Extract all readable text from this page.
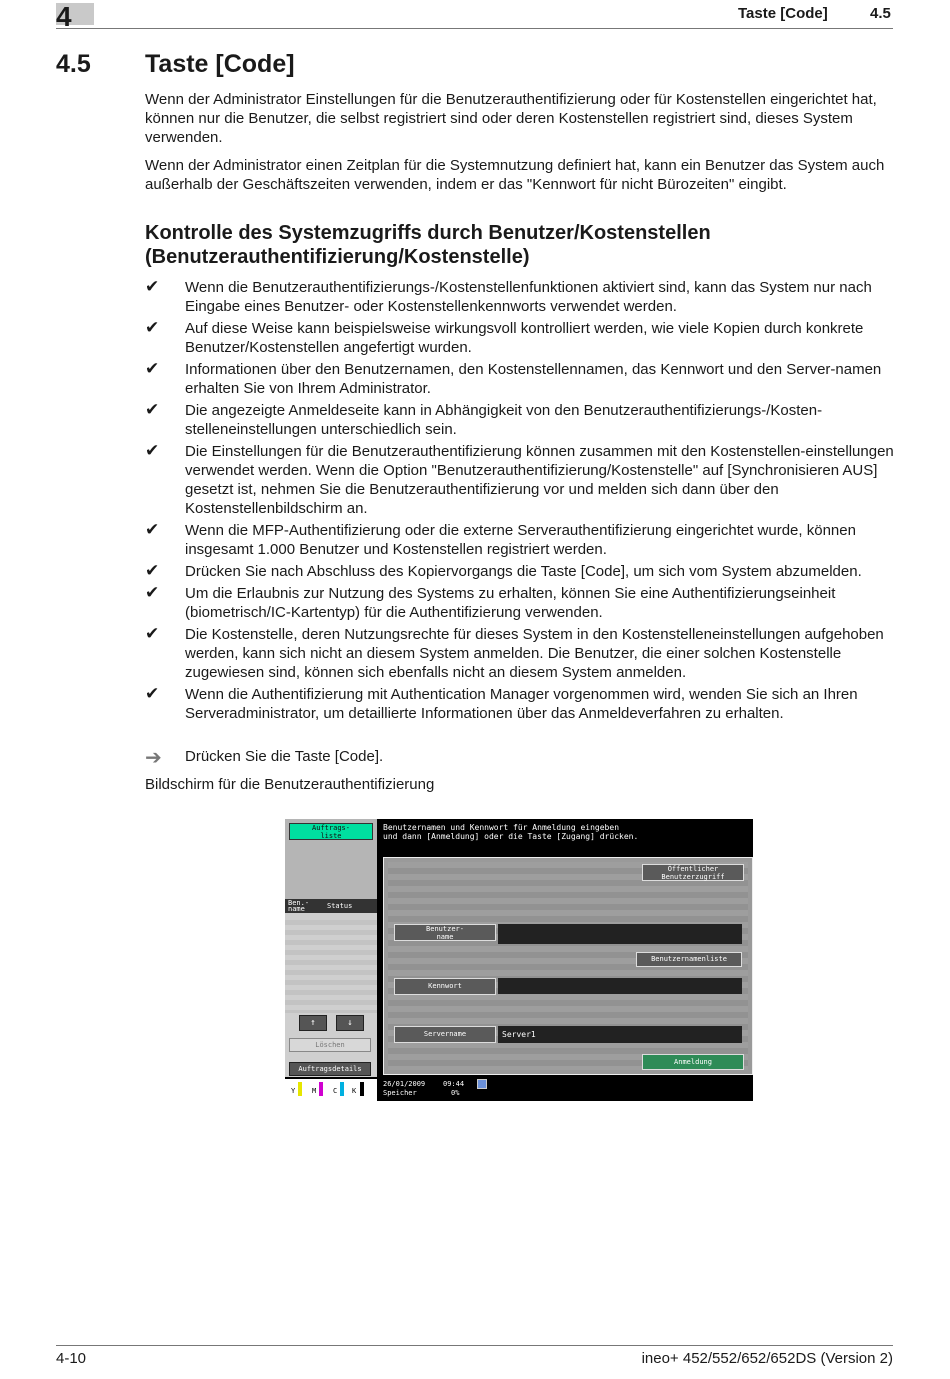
4	Taste [Code]	4.5
4.5 Taste [Code]

Wenn der Administrator Einstellungen für die Benutzerauthentifizierung oder für Kostenstellen eingerichtet hat, können nur die Benutzer, die selbst registriert sind oder deren Kostenstellen registriert sind, dieses System verwenden.

Wenn der Administrator einen Zeitplan für die Systemnutzung definiert hat, kann ein Benutzer das System auch außerhalb der Geschäftszeiten verwenden, indem er das "Kennwort für nicht Bürozeiten" eingibt.

Kontrolle des Systemzugriffs durch Benutzer/Kostenstellen (Benutzerauthentifizierung/Kostenstelle)
✔ Wenn die Benutzerauthentifizierungs-/Kostenstellenfunktionen aktiviert sind, kann das System nur nach Eingabe eines Benutzer- oder Kostenstellenkennworts verwendet werden.
✔ Auf diese Weise kann beispielsweise wirkungsvoll kontrolliert werden, wie viele Kopien durch konkrete Benutzer/Kostenstellen angefertigt wurden.
✔ Informationen über den Benutzernamen, den Kostenstellennamen, das Kennwort und den Server-namen erhalten Sie von Ihrem Administrator.
✔ Die angezeigte Anmeldeseite kann in Abhängigkeit von den Benutzerauthentifizierungs-/Kosten-stelleneinstellungen unterschiedlich sein.
✔ Die Einstellungen für die Benutzerauthentifizierung können zusammen mit den Kostenstellen-einstellungen verwendet werden. Wenn die Option "Benutzerauthentifizierung/Kostenstelle" auf [Synchronisieren AUS] gesetzt ist, nehmen Sie die Benutzerauthentifizierung vor und melden sich dann über den Kostenstellenbildschirm an.
✔ Wenn die MFP-Authentifizierung oder die externe Serverauthentifizierung eingerichtet wurde, können insgesamt 1.000 Benutzer und Kostenstellen registriert werden.
✔ Drücken Sie nach Abschluss des Kopiervorgangs die Taste [Code], um sich vom System abzumelden.
✔ Um die Erlaubnis zur Nutzung des Systems zu erhalten, können Sie eine Authentifizierungseinheit (biometrisch/IC-Kartentyp) für die Authentifizierung verwenden.
✔ Die Kostenstelle, deren Nutzungsrechte für dieses System in den Kostenstelleneinstellungen aufgehoben werden, kann sich nicht an diesem System anmelden. Die Benutzer, die einer solchen Kostenstelle zugewiesen sind, können sich ebenfalls nicht an diesem System anmelden.
✔ Wenn die Authentifizierung mit Authentication Manager vorgenommen wird, wenden Sie sich an Ihren Serveradministrator, um detaillierte Informationen über das Anmeldeverfahren zu erhalten.
➔ Drücken Sie die Taste [Code].
Bildschirm für die Benutzerauthentifizierung
Auftrags-
liste
Ben.-
name	Status
↑	↓
Löschen
Auftragsdetails
Y M C K
Benutzernamen und Kennwort für Anmeldung eingeben
und dann [Anmeldung] oder die Taste [Zugang] drücken.
Öffentlicher
Benutzerzugriff
Benutzer-
name
Benutzernamenliste
Kennwort
Servername	Server1
Anmeldung
26/01/2009	09:44
Speicher	0%
4-10	ineo+ 452/552/652/652DS (Version 2)
